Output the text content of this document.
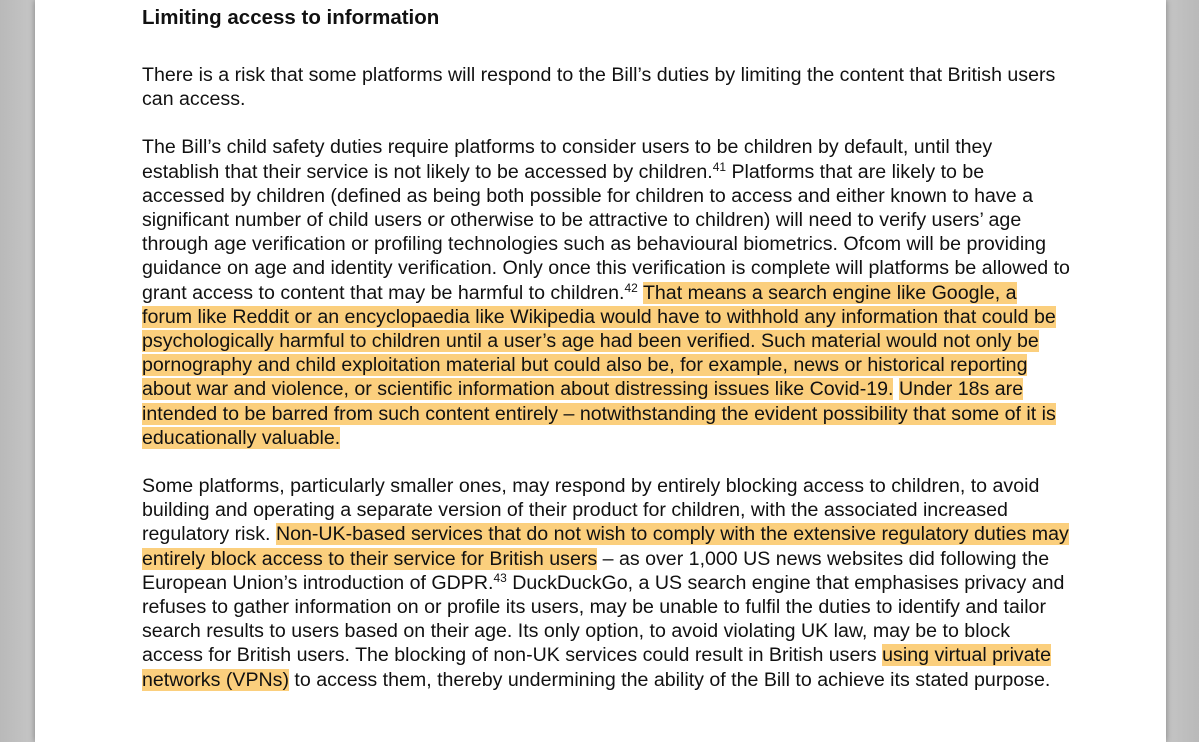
Limiting access to information
There is a risk that some platforms will respond to the Bill’s duties by limiting the content that British users can access.
The Bill’s child safety duties require platforms to consider users to be children by default, until they establish that their service is not likely to be accessed by children.$^{41}$ Platforms that are likely to be accessed by children (defined as being both possible for children to access and either known to have a significant number of child users or otherwise to be attractive to children) will need to verify users’ age through age verification or profiling technologies such as behavioural biometrics. Ofcom will be providing guidance on age and identity verification. Only once this verification is complete will platforms be allowed to grant access to content that may be harmful to children.$^{42}$ That means a search engine like Google, a forum like Reddit or an encyclopaedia like Wikipedia would have to withhold any information that could be psychologically harmful to children until a user’s age had been verified. Such material would not only be pornography and child exploitation material but could also be, for example, news or historical reporting about war and violence, or scientific information about distressing issues like Covid-19. Under 18s are intended to be barred from such content entirely – notwithstanding the evident possibility that some of it is educationally valuable.
Some platforms, particularly smaller ones, may respond by entirely blocking access to children, to avoid building and operating a separate version of their product for children, with the associated increased regulatory risk. Non-UK-based services that do not wish to comply with the extensive regulatory duties may entirely block access to their service for British users – as over 1,000 US news websites did following the European Union’s introduction of GDPR.$^{43}$ DuckDuckGo, a US search engine that emphasises privacy and refuses to gather information on or profile its users, may be unable to fulfil the duties to identify and tailor search results to users based on their age. Its only option, to avoid violating UK law, may be to block access for British users. The blocking of non-UK services could result in British users using virtual private networks (VPNs) to access them, thereby undermining the ability of the Bill to achieve its stated purpose.
